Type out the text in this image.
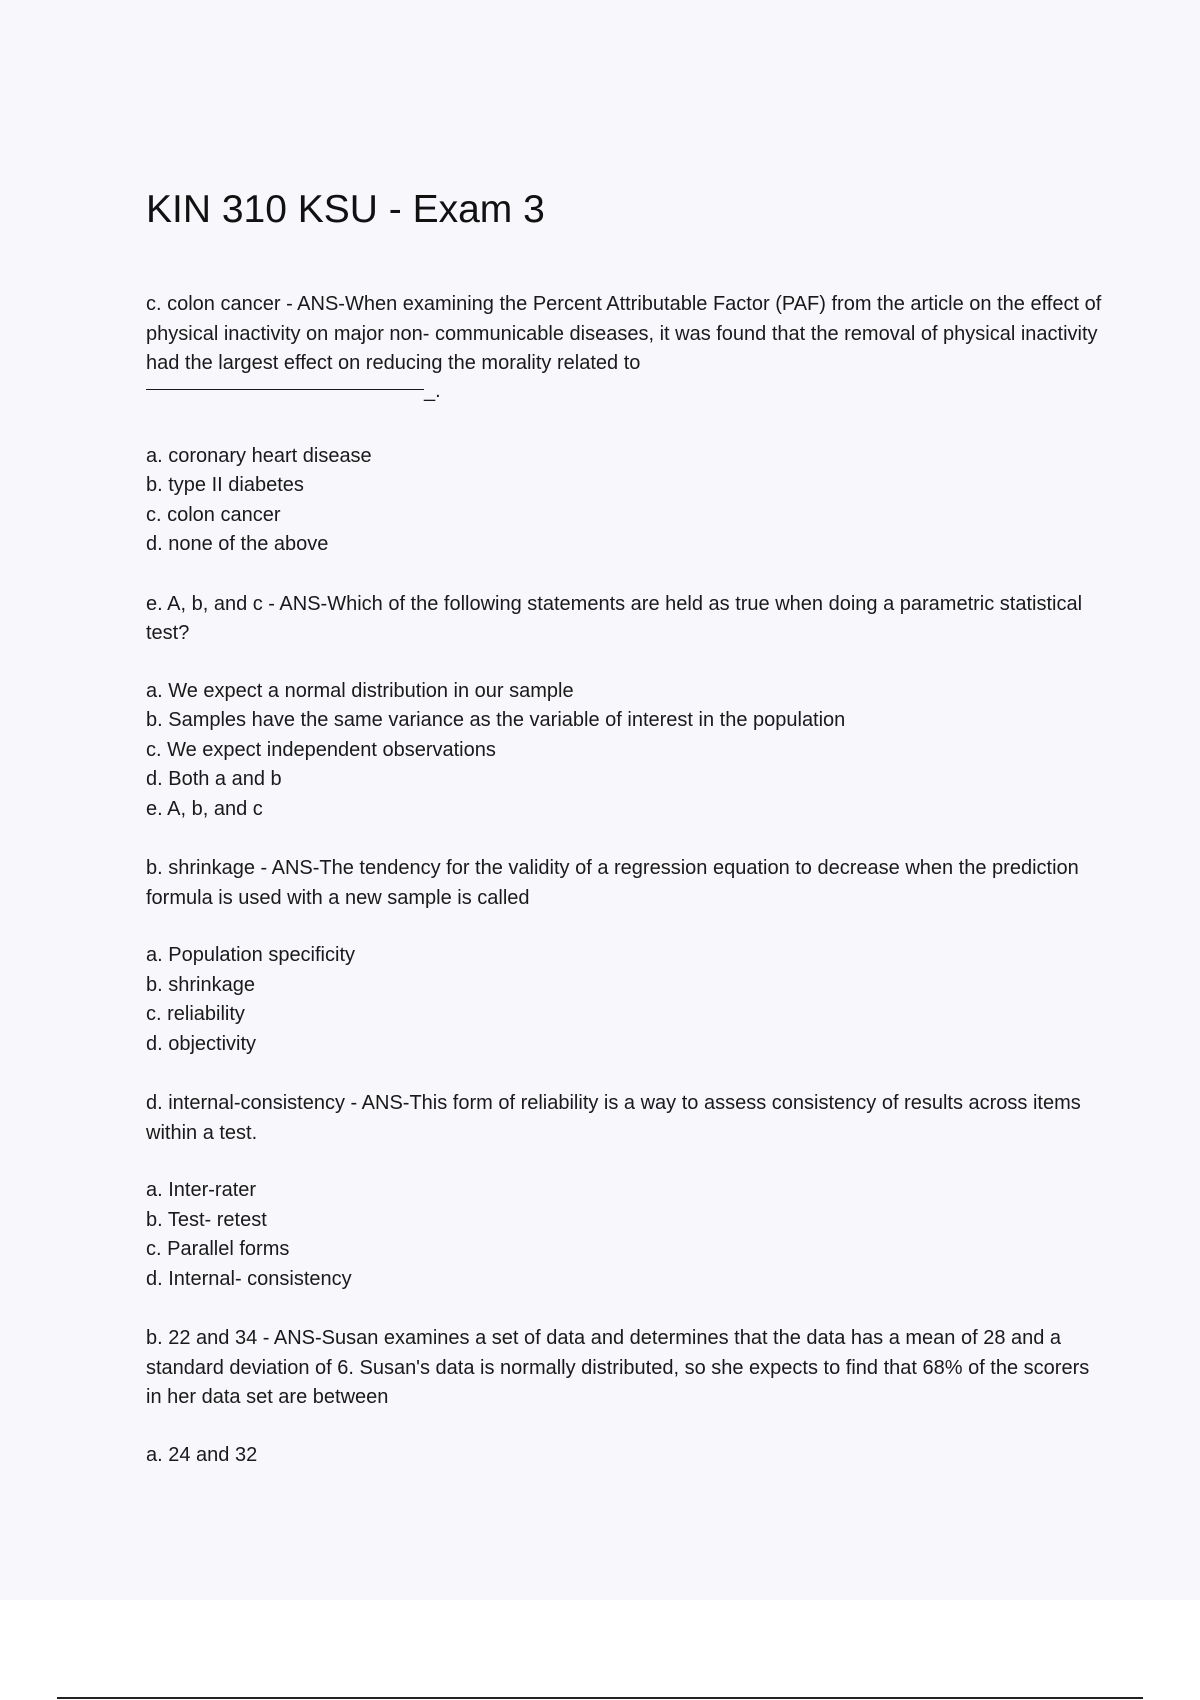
KIN 310 KSU - Exam 3

c. colon cancer - ANS-When examining the Percent Attributable Factor (PAF) from the article on the effect of physical inactivity on major non- communicable diseases, it was found that the removal of physical inactivity had the largest effect on reducing the morality related to

_.
a. coronary heart disease
b. type II diabetes
c. colon cancer
d. none of the above

e. A, b, and c - ANS-Which of the following statements are held as true when doing a parametric statistical test?

a. We expect a normal distribution in our sample
b. Samples have the same variance as the variable of interest in the population
c. We expect independent observations
d. Both a and b
e. A, b, and c

b. shrinkage - ANS-The tendency for the validity of a regression equation to decrease when the prediction formula is used with a new sample is called

a. Population specificity
b. shrinkage
c. reliability
d. objectivity

d. internal-consistency - ANS-This form of reliability is a way to assess consistency of results across items within a test.

a. Inter-rater
b. Test- retest
c. Parallel forms
d. Internal- consistency

b. 22 and 34 - ANS-Susan examines a set of data and determines that the data has a mean of 28 and a standard deviation of 6. Susan's data is normally distributed, so she expects to find that 68% of the scorers in her data set are between

a. 24 and 32
